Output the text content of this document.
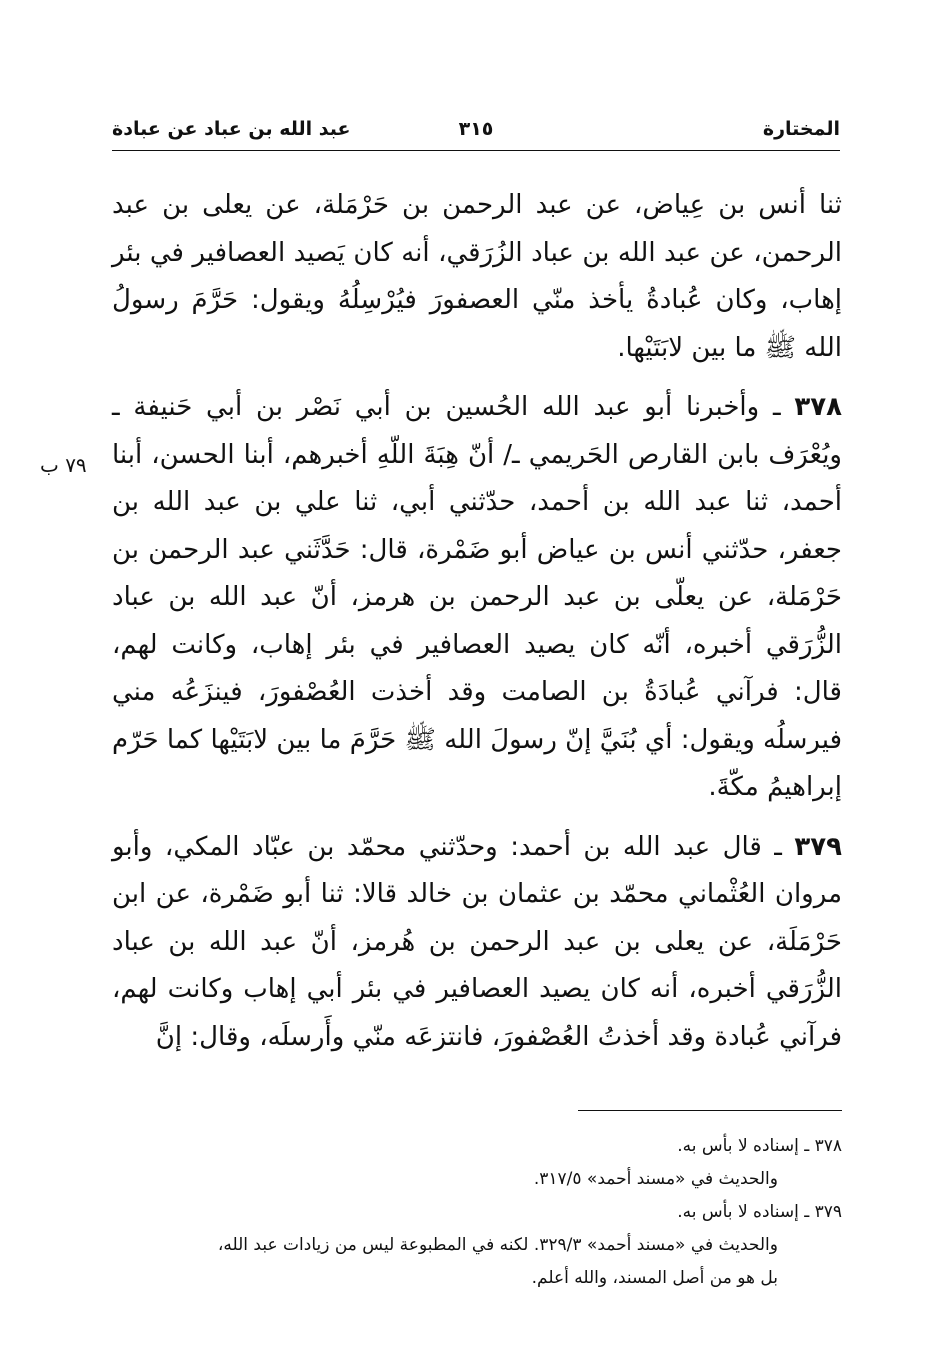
المختارة
٣١٥
عبد الله بن عباد عن عبادة
٧٩ ب

ثنا أنس بن عِياض، عن عبد الرحمن بن حَرْمَلة، عن يعلى بن عبد الرحمن، عن عبد الله بن عباد الزُرَقي، أنه كان يَصيد العصافير في بئر إهاب، وكان عُبادةُ يأخذ منّي العصفورَ فيُرْسِلُهُ ويقول: حَرَّمَ رسولُ الله ﷺ ما بين لابَتَيْها.

٣٧٨ ـ وأخبرنا أبو عبد الله الحُسين بن أبي نَصْر بن أبي حَنيفة ـ ويُعْرَف بابن القارص الحَريمي ـ/ أنّ هِبَةَ اللّهِ أخبرهم، أبنا الحسن، أبنا أحمد، ثنا عبد الله بن أحمد، حدّثني أبي، ثنا علي بن عبد الله بن جعفر، حدّثني أنس بن عياض أبو ضَمْرة، قال: حَدَّثَني عبد الرحمن بن حَرْمَلة، عن يعلّى بن عبد الرحمن بن هرمز، أنّ عبد الله بن عباد الزُّرَقي أخبره، أنّه كان يصيد العصافير في بئر إهاب، وكانت لهم، قال: فرآني عُبادَةُ بن الصامت وقد أخذت العُصْفورَ، فينزَعُه مني فيرسلُه ويقول: أي بُنَيَّ إنّ رسولَ الله ﷺ حَرَّمَ ما بين لابَتَيْها كما حَرّم إبراهيمُ مكّةَ.

٣٧٩ ـ قال عبد الله بن أحمد: وحدّثني محمّد بن عبّاد المكي، وأبو مروان العُثْماني محمّد بن عثمان بن خالد قالا: ثنا أبو ضَمْرة، عن ابن حَرْمَلَة، عن يعلى بن عبد الرحمن بن هُرمز، أنّ عبد الله بن عباد الزُّرَقي أخبره، أنه كان يصيد العصافير في بئر أبي إهاب وكانت لهم، فرآني عُبادة وقد أخذتُ العُصْفورَ، فانتزعَه منّي وأَرسلَه، وقال: إنَّ

٣٧٨ ـ إسناده لا بأس به.

والحديث في «مسند أحمد» ٣١٧/٥.

٣٧٩ ـ إسناده لا بأس به.

والحديث في «مسند أحمد» ٣٢٩/٣. لكنه في المطبوعة ليس من زيادات عبد الله،

بل هو من أصل المسند، والله أعلم.
